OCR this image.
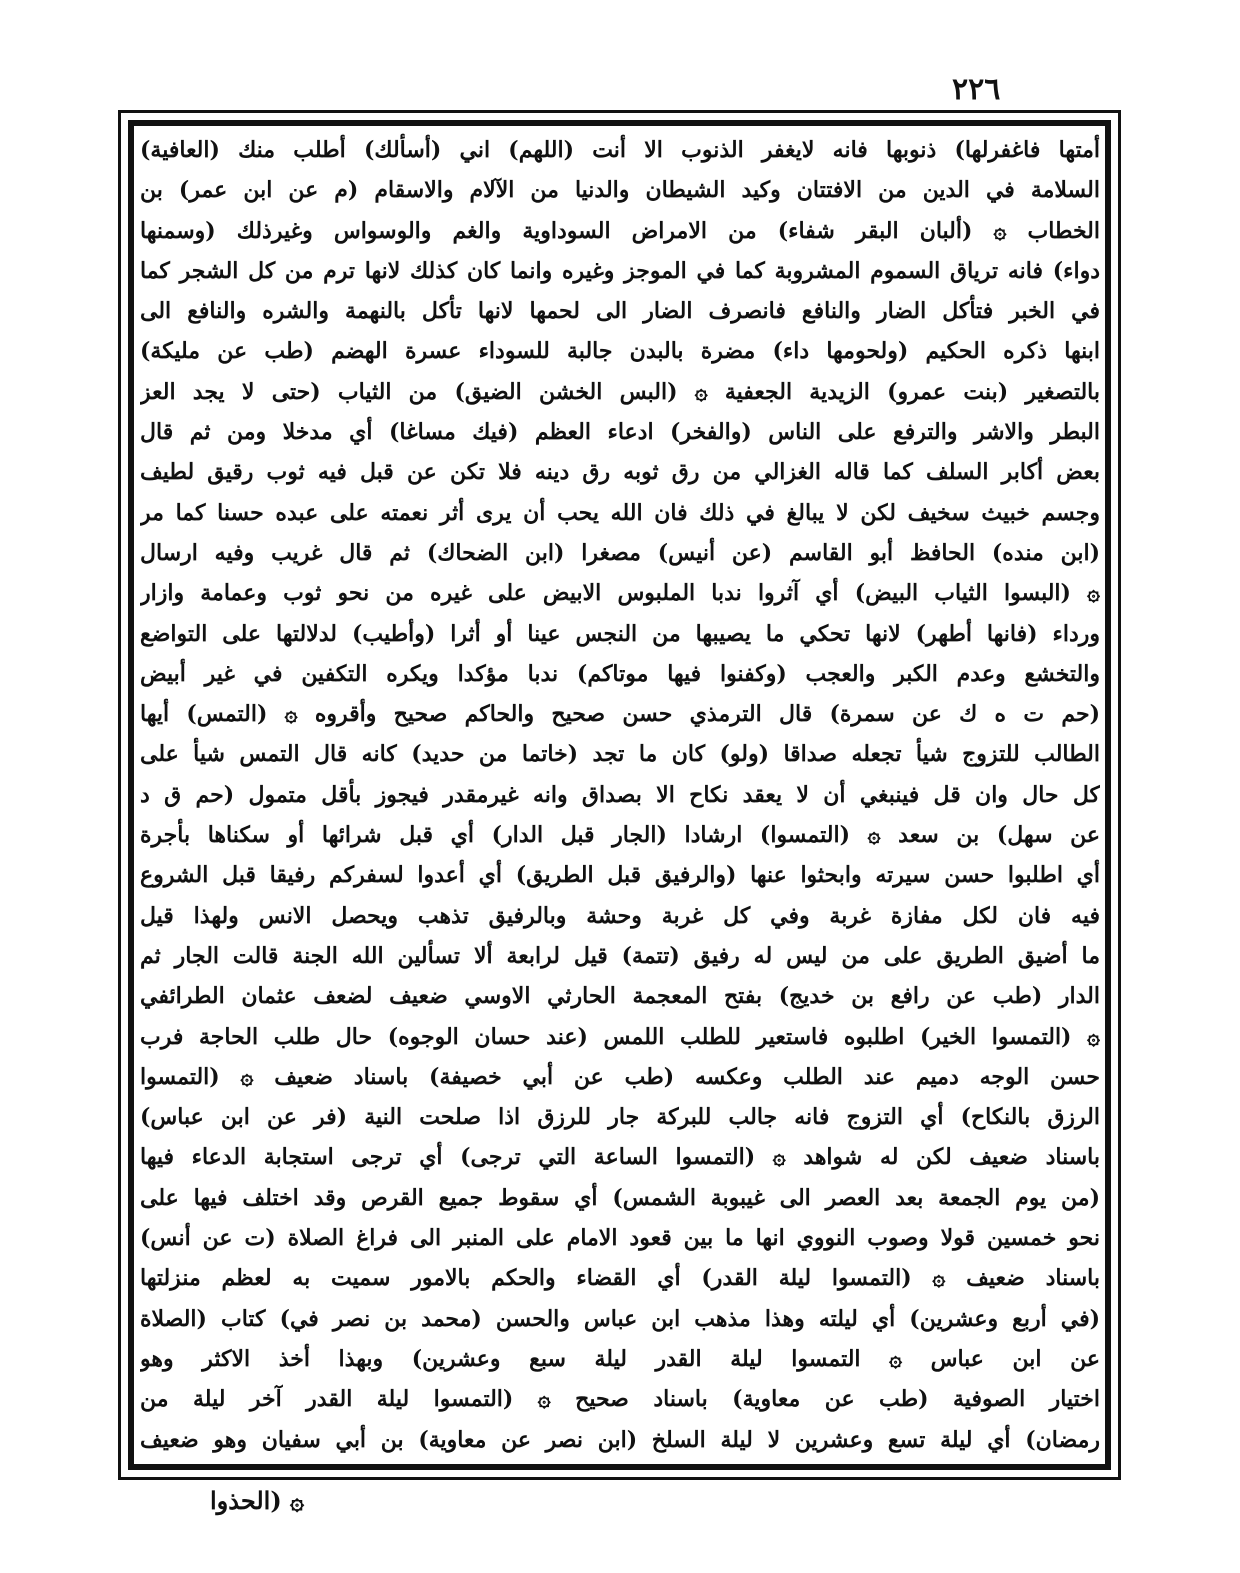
٢٢٦
أمتها فاغفرلها) ذنوبها فانه لايغفر الذنوب الا أنت (اللهم) اني (أسألك) أطلب منك (العافية)
السلامة في الدين من الافتتان وكيد الشيطان والدنيا من الآلام والاسقام (م عن ابن عمر) بن
الخطاب ۞ (ألبان البقر شفاء) من الامراض السوداوية والغم والوسواس وغيرذلك (وسمنها
دواء) فانه ترياق السموم المشروبة كما في الموجز وغيره وانما كان كذلك لانها ترم من كل الشجر كما
في الخبر فتأكل الضار والنافع فانصرف الضار الى لحمها لانها تأكل بالنهمة والشره والنافع الى
ابنها ذكره الحكيم (ولحومها داء) مضرة بالبدن جالبة للسوداء عسرة الهضم (طب عن مليكة)
بالتصغير (بنت عمرو) الزيدية الجعفية ۞ (البس الخشن الضيق) من الثياب (حتى لا يجد العز
البطر والاشر والترفع على الناس (والفخر) ادعاء العظم (فيك مساغا) أي مدخلا ومن ثم قال
بعض أكابر السلف كما قاله الغزالي من رق ثوبه رق دينه فلا تكن عن قبل فيه ثوب رقيق لطيف
وجسم خبيث سخيف لكن لا يبالغ في ذلك فان الله يحب أن يرى أثر نعمته على عبده حسنا كما مر
(ابن منده) الحافظ أبو القاسم (عن أنيس) مصغرا (ابن الضحاك) ثم قال غريب وفيه ارسال
۞ (البسوا الثياب البيض) أي آثروا ندبا الملبوس الابيض على غيره من نحو ثوب وعمامة وازار
ورداء (فانها أطهر) لانها تحكي ما يصيبها من النجس عينا أو أثرا (وأطيب) لدلالتها على التواضع
والتخشع وعدم الكبر والعجب (وكفنوا فيها موتاكم) ندبا مؤكدا ويكره التكفين في غير أبيض
(حم ت ه ك عن سمرة) قال الترمذي حسن صحيح والحاكم صحيح وأقروه ۞ (التمس) أيها
الطالب للتزوج شيأ تجعله صداقا (ولو) كان ما تجد (خاتما من حديد) كانه قال التمس شيأ على
كل حال وان قل فينبغي أن لا يعقد نكاح الا بصداق وانه غيرمقدر فيجوز بأقل متمول (حم ق د
عن سهل) بن سعد ۞ (التمسوا) ارشادا (الجار قبل الدار) أي قبل شرائها أو سكناها بأجرة
أي اطلبوا حسن سيرته وابحثوا عنها (والرفيق قبل الطريق) أي أعدوا لسفركم رفيقا قبل الشروع
فيه فان لكل مفازة غربة وفي كل غربة وحشة وبالرفيق تذهب ويحصل الانس ولهذا قيل
ما أضيق الطريق على من ليس له رفيق (تتمة) قيل لرابعة ألا تسألين الله الجنة قالت الجار ثم
الدار (طب عن رافع بن خديج) بفتح المعجمة الحارثي الاوسي ضعيف لضعف عثمان الطرائفي
۞ (التمسوا الخير) اطلبوه فاستعير للطلب اللمس (عند حسان الوجوه) حال طلب الحاجة فرب
حسن الوجه دميم عند الطلب وعكسه (طب عن أبي خصيفة) باسناد ضعيف ۞ (التمسوا
الرزق بالنكاح) أي التزوج فانه جالب للبركة جار للرزق اذا صلحت النية (فر عن ابن عباس)
باسناد ضعيف لكن له شواهد ۞ (التمسوا الساعة التي ترجى) أي ترجى استجابة الدعاء فيها
(من يوم الجمعة بعد العصر الى غيبوبة الشمس) أي سقوط جميع القرص وقد اختلف فيها على
نحو خمسين قولا وصوب النووي انها ما بين قعود الامام على المنبر الى فراغ الصلاة (ت عن أنس)
باسناد ضعيف ۞ (التمسوا ليلة القدر) أي القضاء والحكم بالامور سميت به لعظم منزلتها
(في أربع وعشرين) أي ليلته وهذا مذهب ابن عباس والحسن (محمد بن نصر في) كتاب (الصلاة
عن ابن عباس ۞ التمسوا ليلة القدر ليلة سبع وعشرين) وبهذا أخذ الاكثر وهو
اختيار الصوفية (طب عن معاوية) باسناد صحيح ۞ (التمسوا ليلة القدر آخر ليلة من
رمضان) أي ليلة تسع وعشرين لا ليلة السلخ (ابن نصر عن معاوية) بن أبي سفيان وهو ضعيف
۞ (الحذوا
